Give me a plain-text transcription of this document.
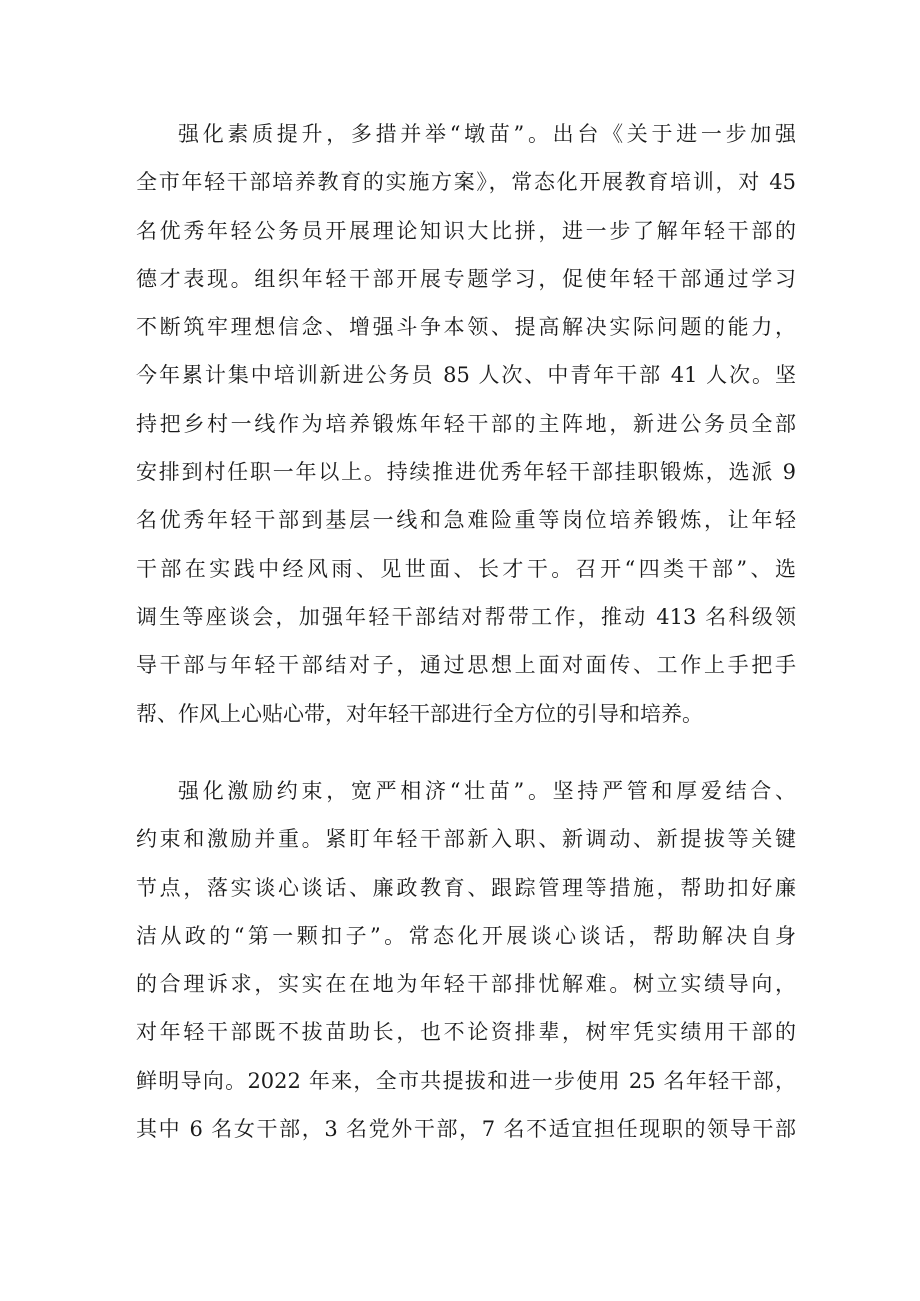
强化素质提升，多措并举“墩苗”。出台《关于进一步加强
全市年轻干部培养教育的实施方案》，常态化开展教育培训，对 45
名优秀年轻公务员开展理论知识大比拼，进一步了解年轻干部的
德才表现。组织年轻干部开展专题学习，促使年轻干部通过学习
不断筑牢理想信念、增强斗争本领、提高解决实际问题的能力，
今年累计集中培训新进公务员 85 人次、中青年干部 41 人次。坚
持把乡村一线作为培养锻炼年轻干部的主阵地，新进公务员全部
安排到村任职一年以上。持续推进优秀年轻干部挂职锻炼，选派 9
名优秀年轻干部到基层一线和急难险重等岗位培养锻炼，让年轻
干部在实践中经风雨、见世面、长才干。召开“四类干部”、选
调生等座谈会，加强年轻干部结对帮带工作，推动 413 名科级领
导干部与年轻干部结对子，通过思想上面对面传、工作上手把手
帮、作风上心贴心带，对年轻干部进行全方位的引导和培养。
强化激励约束，宽严相济“壮苗”。坚持严管和厚爱结合、
约束和激励并重。紧盯年轻干部新入职、新调动、新提拔等关键
节点，落实谈心谈话、廉政教育、跟踪管理等措施，帮助扣好廉
洁从政的“第一颗扣子”。常态化开展谈心谈话，帮助解决自身
的合理诉求，实实在在地为年轻干部排忧解难。树立实绩导向，
对年轻干部既不拔苗助长，也不论资排辈，树牢凭实绩用干部的
鲜明导向。2022 年来，全市共提拔和进一步使用 25 名年轻干部，
其中 6 名女干部，3 名党外干部，7 名不适宜担任现职的领导干部
